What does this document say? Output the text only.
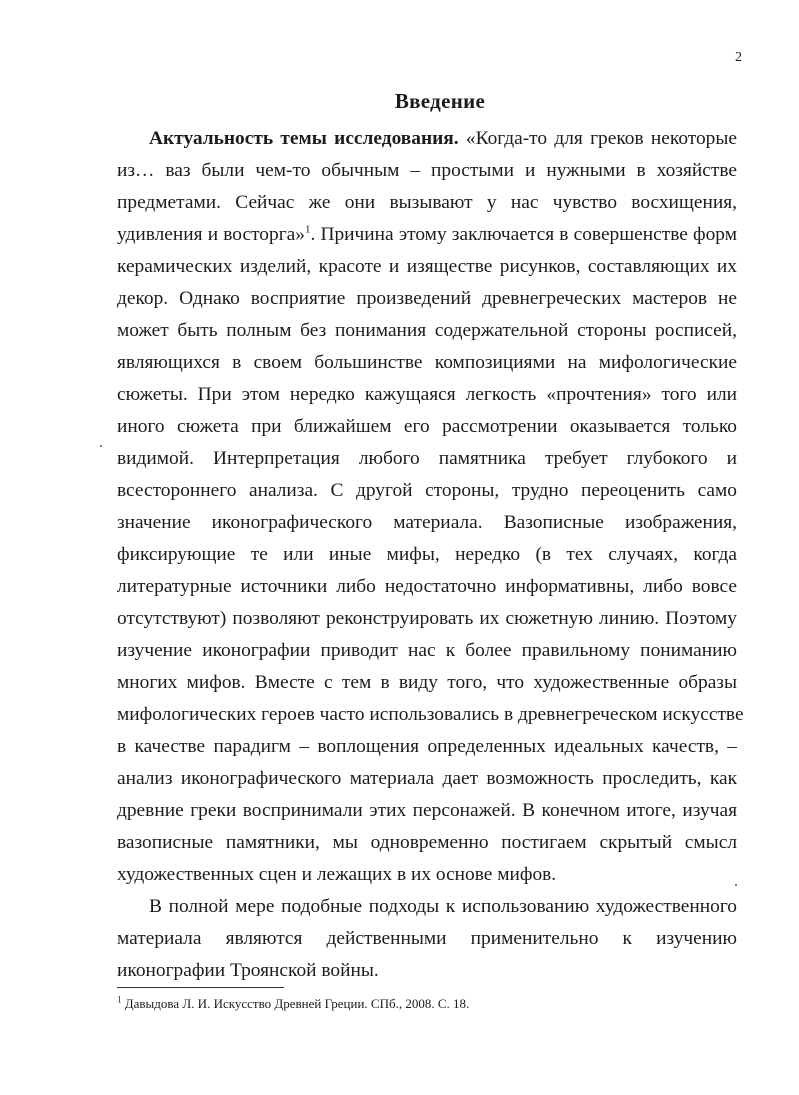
2
Введение
Актуальность темы исследования. «Когда-то для греков некоторые
из… ваз были чем-то обычным – простыми и нужными в хозяйстве
предметами. Сейчас же они вызывают у нас чувство восхищения,
удивления и восторга»$^1$. Причина этому заключается в совершенстве форм
керамических изделий, красоте и изяществе рисунков, составляющих их
декор. Однако восприятие произведений древнегреческих мастеров не
может быть полным без понимания содержательной стороны росписей,
являющихся в своем большинстве композициями на мифологические
сюжеты. При этом нередко кажущаяся легкость «прочтения» того или
иного сюжета при ближайшем его рассмотрении оказывается только
видимой. Интерпретация любого памятника требует глубокого и
всестороннего анализа. С другой стороны, трудно переоценить само
значение иконографического материала. Вазописные изображения,
фиксирующие те или иные мифы, нередко (в тех случаях, когда
литературные источники либо недостаточно информативны, либо вовсе
отсутствуют) позволяют реконструировать их сюжетную линию. Поэтому
изучение иконографии приводит нас к более правильному пониманию
многих мифов. Вместе с тем в виду того, что художественные образы
мифологических героев часто использовались в древнегреческом искусстве
в качестве парадигм – воплощения определенных идеальных качеств, –
анализ иконографического материала дает возможность проследить, как
древние греки воспринимали этих персонажей. В конечном итоге, изучая
вазописные памятники, мы одновременно постигаем скрытый смысл
художественных сцен и лежащих в их основе мифов.
В полной мере подобные подходы к использованию художественного
материала являются действенными применительно к изучению
иконографии Троянской войны.
$^1$ Давыдова Л. И. Искусство Древней Греции. СПб., 2008. С. 18.
